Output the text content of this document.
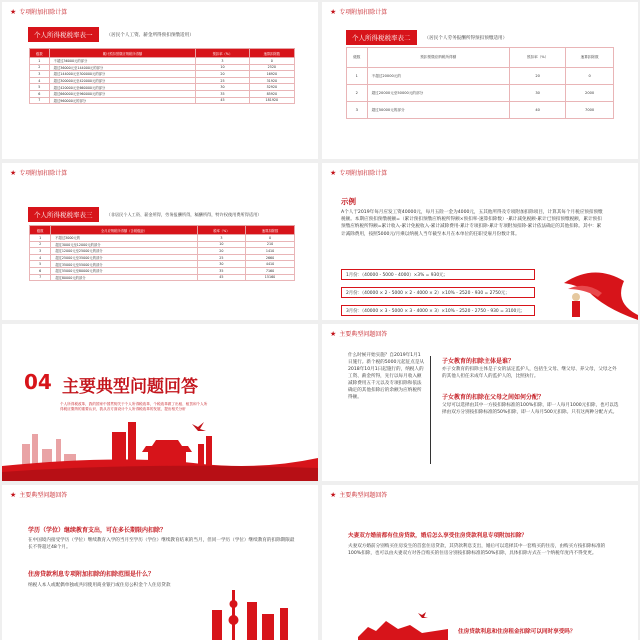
★ 专项附加扣除计算
个人所得税税率表一	（居民个人工资、薪金所得预扣预缴适用）
级数	累计预扣预缴应纳税所得额	预扣率（%）	速算扣除数
1	不超过36000元的部分	3	0
2	超过36000元至144000元的部分	10	2520
3	超过144000元至300000元的部分	20	16920
4	超过300000元至420000元的部分	25	31920
5	超过420000元至660000元的部分	30	52920
6	超过660000元至960000元的部分	35	85920
7	超过960000元的部分	45	181920
★ 专项附加扣除计算
个人所得税税率表二	（居民个人劳务报酬所得预扣预缴适用）
级数	预扣预缴应纳税所得额	预扣率（%）	速算扣除数
1	不超过20000元的	20	0
2	超过20000元至50000元的部分	30	2000
3	超过50000元的部分	40	7000
★ 专项附加扣除计算
个人所得税税率表三	（非居民个人工资、薪金所得，劳务报酬所得，稿酬所得，特许权使用费所得适用）
级数	全月应纳税所得额（含税级距）	税率（%）	速算扣除数
1	不超过3000元的	3	0
2	超过3000元至12000元的部分	10	210
3	超过12000元至25000元的部分	20	1410
4	超过25000元至35000元的部分	25	2660
5	超过35000元至55000元的部分	30	4410
6	超过55000元至80000元的部分	35	7160
7	超过80000元的部分	45	15160
★ 专项附加扣除计算
示例
A个人于2019年每月应发工资40000元，每月五险一金为4000元，五其他所得及专项附加扣除项目，计算其每个月税应预扣预缴税额。本期应预扣预缴税额=（累计预扣预缴应纳税所得额×预扣率-速算扣除数）-累计减免税额-累计已预扣预缴税额，累计预扣预缴应纳税所得额=累计收入-累计免税收入-累计减除费用-累计专项扣除-累计专项附加扣除-累计依法确定的其他扣除。其中：累计减除费用，按照5000元/月乘以纳税人当年截至本月在本单位的任职受雇月份数计算。
1月份：（40000 - 5000 - 4000）×3% = 930元；
2月份：（40000 × 2 - 5000 × 2 - 4000 × 2）×10% - 2520 - 930 = 2750元；
3月份：（40000 × 3 - 5000 × 3 - 4000 × 3）×10% - 2520 - 2750 - 930 = 3100元；
04 主要典型问题回答
个人所得税改革，我的国家中国贯彻关于个人所得税改革，个税改革做了出租、租赁和个人所得税应缴纳的重要认识，我从各方面设计个人所得税改革的发展，提出相关分析
★ 主要典型问题回答
什么时候开始实施？自2019年1月1日施行。新个税的5000元起征点是从2018年10月1日起施行的，纳税人的工资、薪金所得，先行以每月收入额减除费用五千元以及专项扣除和依法确定的其他扣除后的余额为应纳税所得额。
子女教育的扣除主体是谁？
亦子女教育的扣除主体是子女的法定监护人，包括生父母、继父母、养父母，父母之外的其他人担任未成年人的监护人的，比照执行。
子女教育的扣除在父母之间如何分配？
父母可以选择由其中一方按扣除标准的100%扣除，即一人每月1000元扣除，也可以选择由双方分别按扣除标准的50%扣除，即一人每月500元扣除。只有这两种分配方式。
★ 主要典型问题回答
学历（学位）继续教育支出，可在多长期限内扣除？
在中国境内接受学历（学位）继续教育入学的当月至学历（学位）继续教育结束的当月，但同一学历（学位）继续教育的扣除期限最长不得超过48个月。
住房贷款利息专项附加扣除的扣除范围是什么？
纳税人本人或配偶单独或共同使用商业银行或住房公积金个人住房贷款
★ 主要典型问题回答
夫妻双方婚前都有住房贷款，婚后怎么享受住房贷款利息专项附加扣除？
夫妻双方婚前分别购买住房发生的首套住房贷款，其贷款利息支出，婚后可以选择其中一套购买的住房，由购买方按扣除标准的100%扣除，也可以由夫妻双方对各自购买的住房分别按扣除标准的50%扣除，具体扣除方式在一个纳税年度内不得变更。
住房贷款利息和住房租金扣除可以同时享受吗？
